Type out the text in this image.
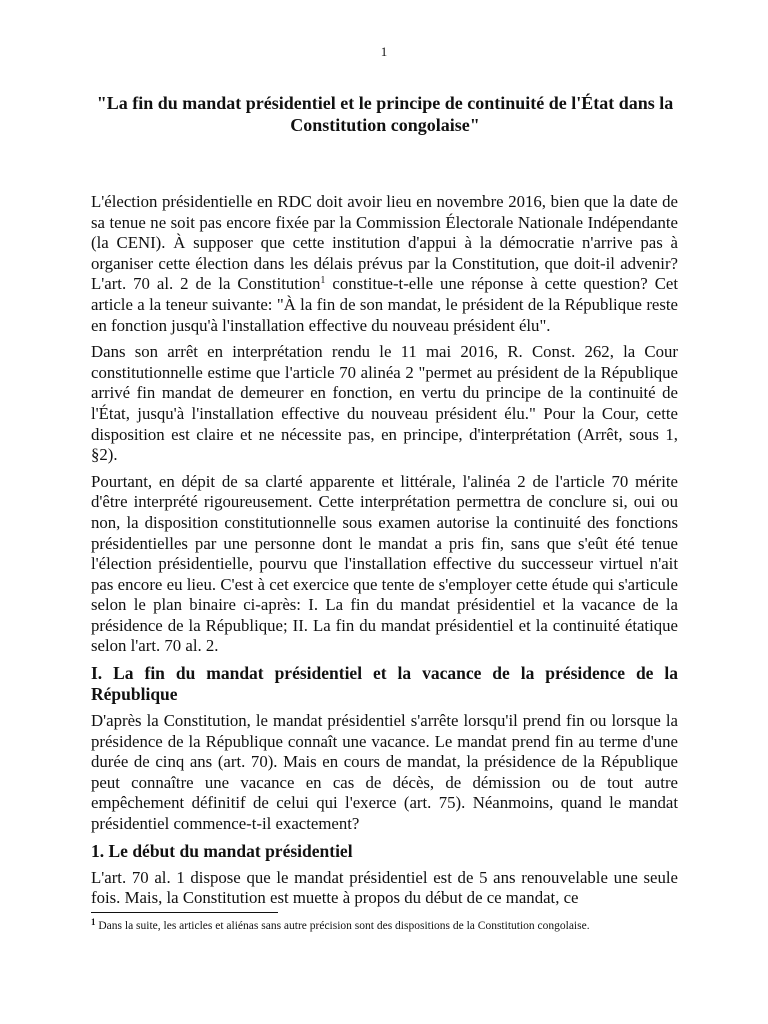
1
"La fin du mandat présidentiel et le principe de continuité de l'État dans la Constitution congolaise"

L'élection présidentielle en RDC doit avoir lieu en novembre 2016, bien que la date de sa tenue ne soit pas encore fixée par la Commission Électorale Nationale Indépendante (la CENI). À supposer que cette institution d'appui à la démocratie n'arrive pas à organiser cette élection dans les délais prévus par la Constitution, que doit-il advenir? L'art. 70 al. 2 de la Constitution$^1$ constitue-t-elle une réponse à cette question? Cet article a la teneur suivante: "À la fin de son mandat, le président de la République reste en fonction jusqu'à l'installation effective du nouveau président élu".

Dans son arrêt en interprétation rendu le 11 mai 2016, R. Const. 262, la Cour constitutionnelle estime que l'article 70 alinéa 2 "permet au président de la République arrivé fin mandat de demeurer en fonction, en vertu du principe de la continuité de l'État, jusqu'à l'installation effective du nouveau président élu." Pour la Cour, cette disposition est claire et ne nécessite pas, en principe, d'interprétation (Arrêt, sous 1, §2).

Pourtant, en dépit de sa clarté apparente et littérale, l'alinéa 2 de l'article 70 mérite d'être interprété rigoureusement. Cette interprétation permettra de conclure si, oui ou non, la disposition constitutionnelle sous examen autorise la continuité des fonctions présidentielles par une personne dont le mandat a pris fin, sans que s'eût été tenue l'élection présidentielle, pourvu que l'installation effective du successeur virtuel n'ait pas encore eu lieu. C'est à cet exercice que tente de s'employer cette étude qui s'articule selon le plan binaire ci-après: I. La fin du mandat présidentiel et la vacance de la présidence de la République; II. La fin du mandat présidentiel et la continuité étatique selon l'art. 70 al. 2.

I. La fin du mandat présidentiel et la vacance de la présidence de la République

D'après la Constitution, le mandat présidentiel s'arrête lorsqu'il prend fin ou lorsque la présidence de la République connaît une vacance. Le mandat prend fin au terme d'une durée de cinq ans (art. 70). Mais en cours de mandat, la présidence de la République peut connaître une vacance en cas de décès, de démission ou de tout autre empêchement définitif de celui qui l'exerce (art. 75). Néanmoins, quand le mandat présidentiel commence-t-il exactement?

1. Le début du mandat présidentiel

L'art. 70 al. 1 dispose que le mandat présidentiel est de 5 ans renouvelable une seule fois. Mais, la Constitution est muette à propos du début de ce mandat, ce

$^1$ Dans la suite, les articles et aliénas sans autre précision sont des dispositions de la Constitution congolaise.
